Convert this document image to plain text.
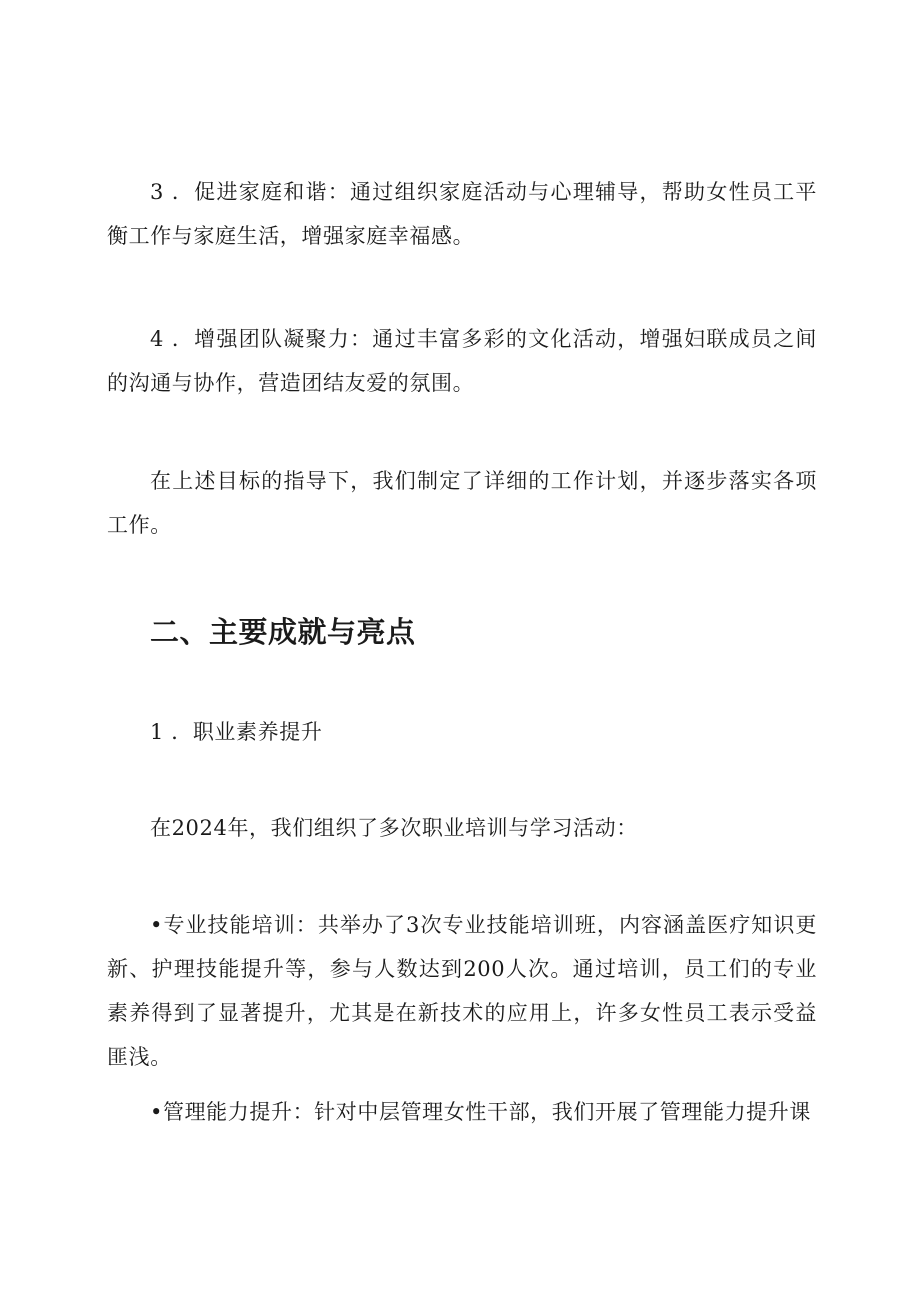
3 ．促进家庭和谐：通过组织家庭活动与心理辅导，帮助女性员工平衡工作与家庭生活，增强家庭幸福感。

4 ．增强团队凝聚力：通过丰富多彩的文化活动，增强妇联成员之间的沟通与协作，营造团结友爱的氛围。

在上述目标的指导下，我们制定了详细的工作计划，并逐步落实各项工作。

二、主要成就与亮点

1 ．职业素养提升

在2024年，我们组织了多次职业培训与学习活动：

•专业技能培训：共举办了3次专业技能培训班，内容涵盖医疗知识更新、护理技能提升等，参与人数达到200人次。通过培训，员工们的专业素养得到了显著提升，尤其是在新技术的应用上，许多女性员工表示受益匪浅。

•管理能力提升：针对中层管理女性干部，我们开展了管理能力提升课
